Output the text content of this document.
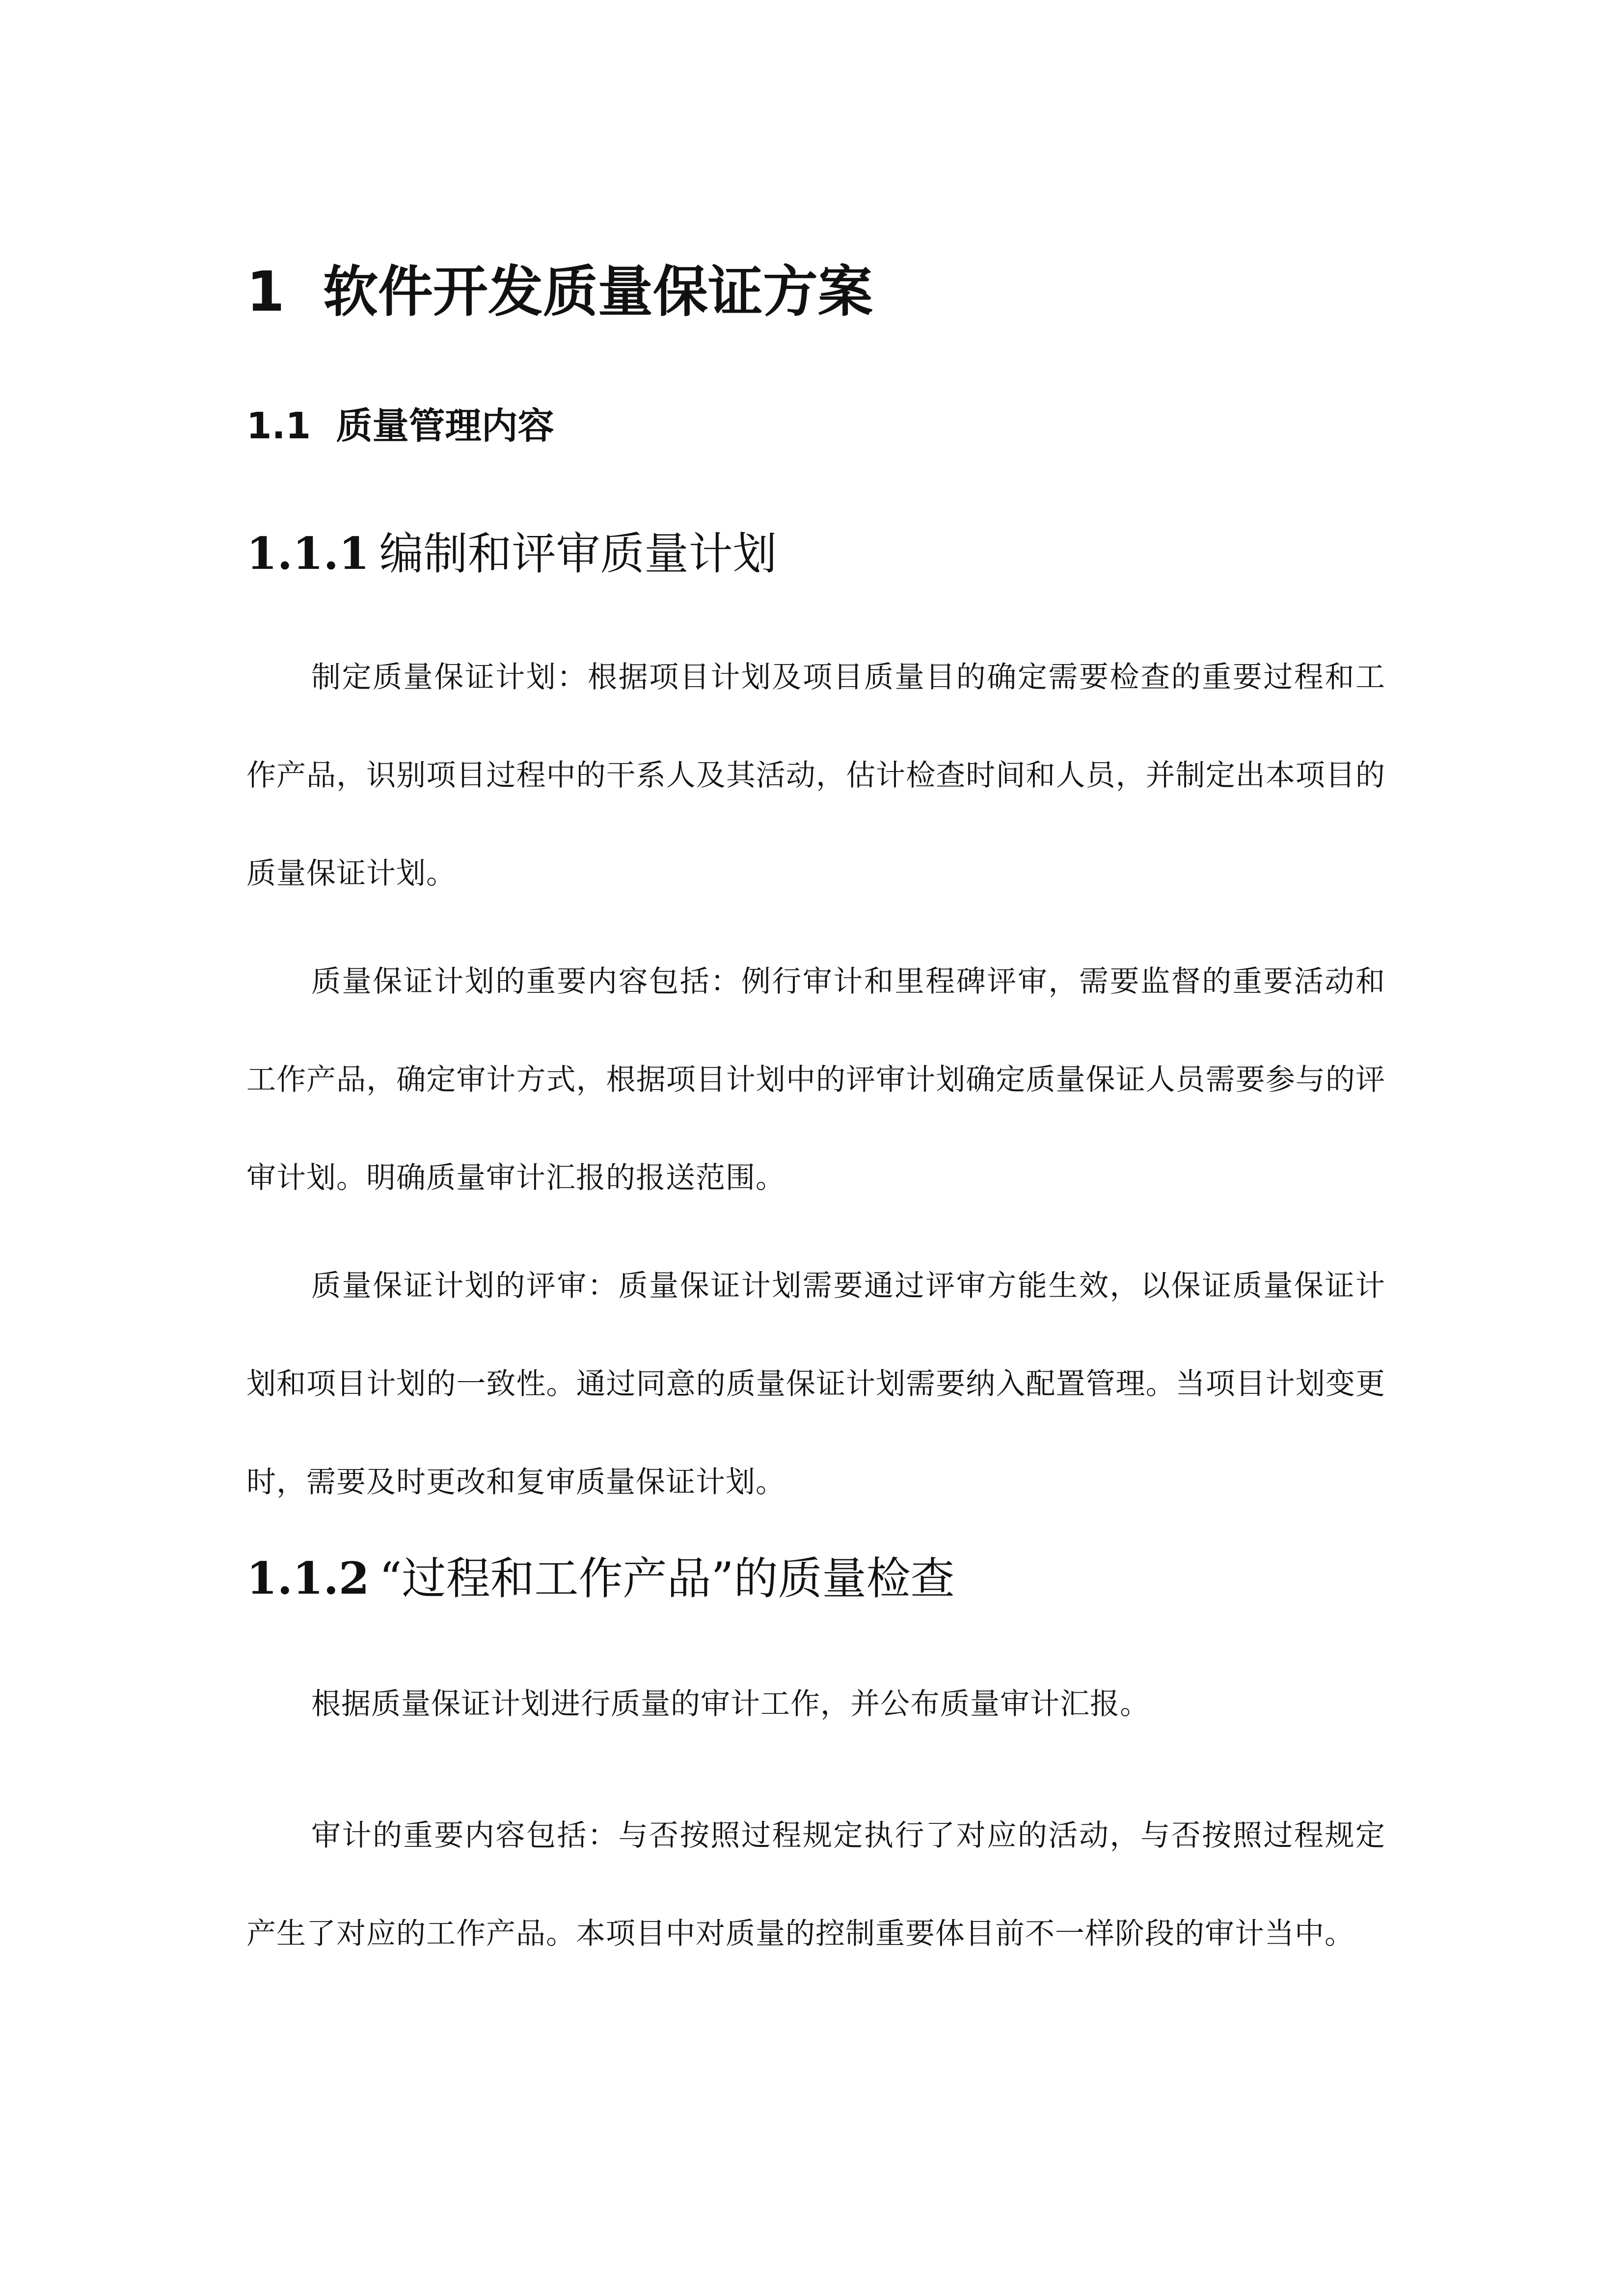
1 软件开发质量保证方案
1.1 质量管理内容
1.1.1 编制和评审质量计划

制定质量保证计划：根据项目计划及项目质量目的确定需要检查的重要过程和工作产品，识别项目过程中的干系人及其活动，估计检查时间和人员，并制定出本项目的质量保证计划。

质量保证计划的重要内容包括：例行审计和里程碑评审，需要监督的重要活动和工作产品，确定审计方式，根据项目计划中的评审计划确定质量保证人员需要参与的评审计划。明确质量审计汇报的报送范围。

质量保证计划的评审：质量保证计划需要通过评审方能生效，以保证质量保证计划和项目计划的一致性。通过同意的质量保证计划需要纳入配置管理。当项目计划变更时，需要及时更改和复审质量保证计划。

1.1.2 “过程和工作产品”的质量检查

根据质量保证计划进行质量的审计工作，并公布质量审计汇报。

审计的重要内容包括：与否按照过程规定执行了对应的活动，与否按照过程规定产生了对应的工作产品。本项目中对质量的控制重要体目前不一样阶段的审计当中。
